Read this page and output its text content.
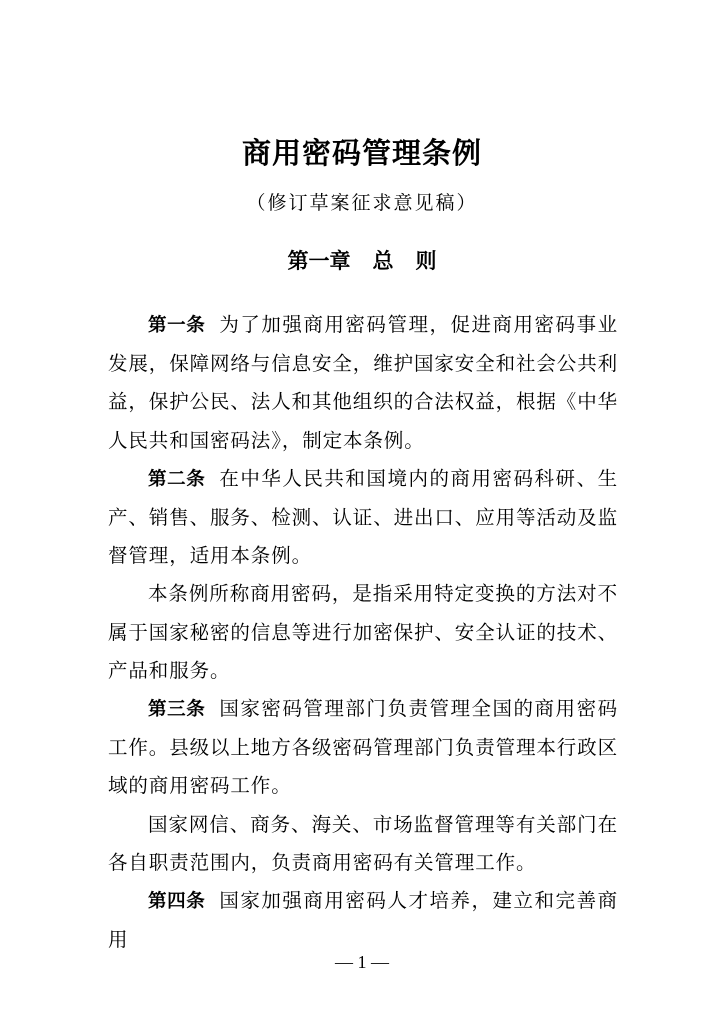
商用密码管理条例
（修订草案征求意见稿）
第一章 总 则

第一条 为了加强商用密码管理，促进商用密码事业发展，保障网络与信息安全，维护国家安全和社会公共利益，保护公民、法人和其他组织的合法权益，根据《中华人民共和国密码法》，制定本条例。

第二条 在中华人民共和国境内的商用密码科研、生产、销售、服务、检测、认证、进出口、应用等活动及监督管理，适用本条例。

本条例所称商用密码，是指采用特定变换的方法对不属于国家秘密的信息等进行加密保护、安全认证的技术、产品和服务。

第三条 国家密码管理部门负责管理全国的商用密码工作。县级以上地方各级密码管理部门负责管理本行政区域的商用密码工作。

国家网信、商务、海关、市场监督管理等有关部门在各自职责范围内，负责商用密码有关管理工作。

第四条 国家加强商用密码人才培养，建立和完善商用

— 1 —
